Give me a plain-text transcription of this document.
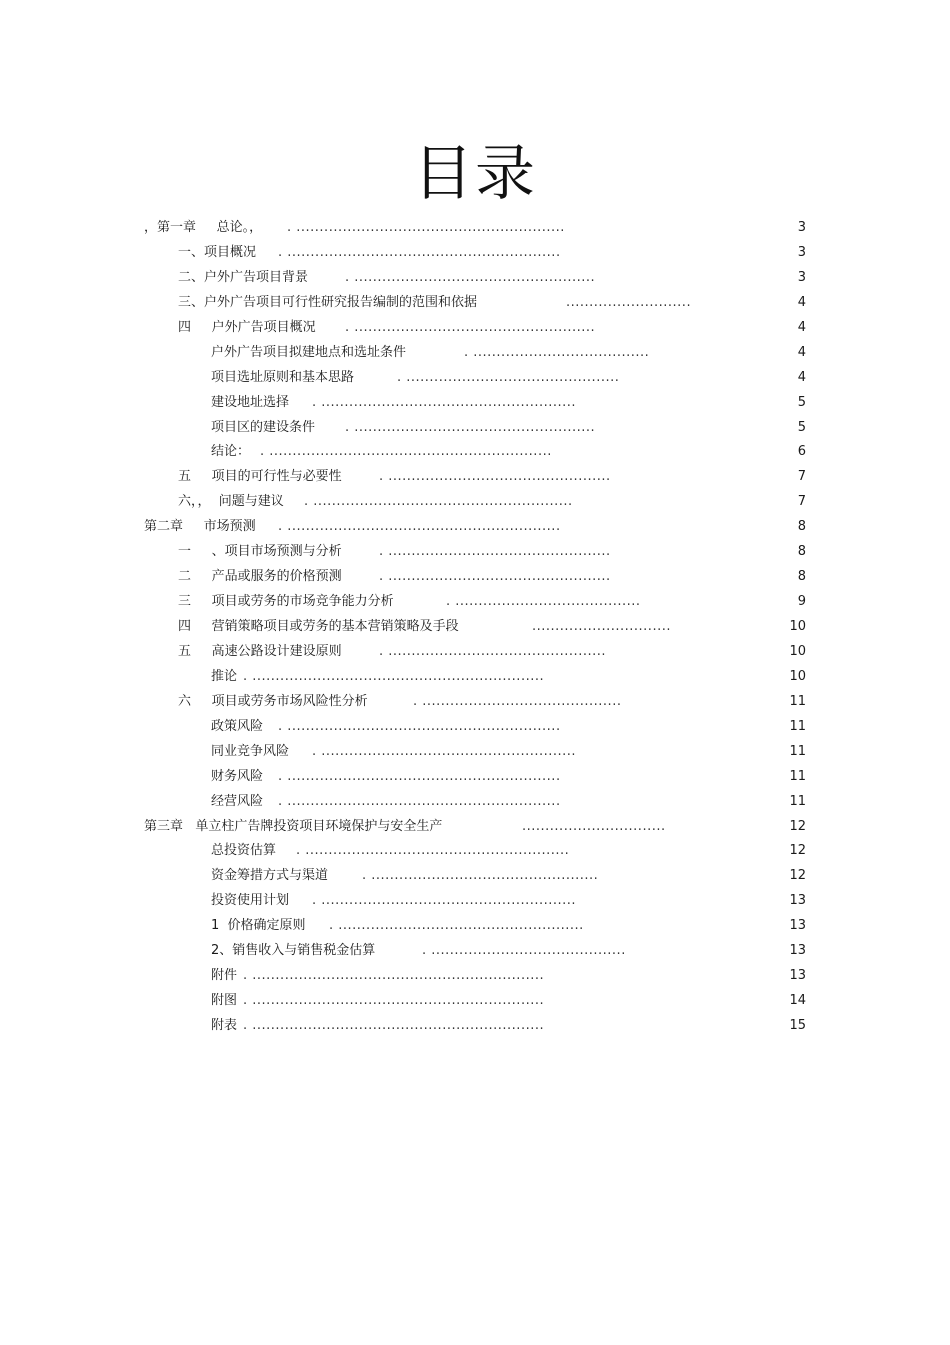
目录
，第一章     总论。， . ..........................................................	3
一、项目概况 . ...........................................................	3
二、户外广告项目背景	. ....................................................	3
三、户外广告项目可行性研究报告编制的范围和依据	...........................	4
四     户外广告项目概况 . ....................................................	4
户外广告项目拟建地点和选址条件	. ......................................	4
项目选址原则和基本思路	. ..............................................	4
建设地址选择 . .......................................................	5
项目区的建设条件 . ....................................................	5
结论： . .............................................................	6
五     项目的可行性与必要性	. ................................................	7
六，，  问题与建议 . ........................................................	7
第二章     市场预测 . ...........................................................	8
一     、项目市场预测与分析	. ................................................	8
二     产品或服务的价格预测	. ................................................	8
三     项目或劳务的市场竞争能力分析	. ........................................	9
四     营销策略项目或劳务的基本营销策略及手段	..............................	10
五     高速公路设计建设原则	. ...............................................	10
推论 . ...............................................................	10
六     项目或劳务市场风险性分析	. ...........................................	11
政策风险 . ...........................................................	11
同业竞争风险 . .......................................................	11
财务风险 . ...........................................................	11
经营风险 . ...........................................................	11
第三章   单立柱广告牌投资项目环境保护与安全生产	...............................	12
总投资估算 . .........................................................	12
资金筹措方式与渠道	. .................................................	12
投资使用计划 . .......................................................	13
1  价格确定原则 . .....................................................	13
2、销售收入与销售税金估算	. ..........................................	13
附件 . ...............................................................	13
附图 . ...............................................................	14
附表 . ...............................................................	15
